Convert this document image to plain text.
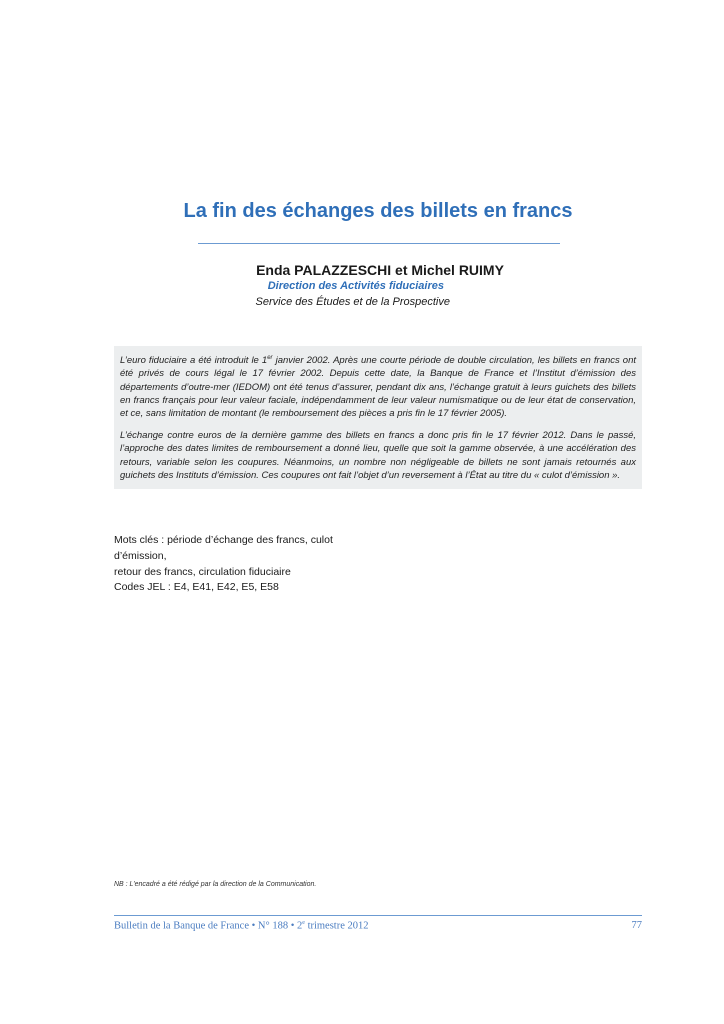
La fin des échanges des billets en francs
Enda PALAZZESCHI et Michel RUIMY
Direction des Activités fiduciaires
Service des Études et de la Prospective

L’euro fiduciaire a été introduit le 1er janvier 2002. Après une courte période de double circulation, les billets en francs ont été privés de cours légal le 17 février 2002. Depuis cette date, la Banque de France et l’Institut d’émission des départements d’outre-mer (IEDOM) ont été tenus d’assurer, pendant dix ans, l’échange gratuit à leurs guichets des billets en francs français pour leur valeur faciale, indépendamment de leur valeur numismatique ou de leur état de conservation, et ce, sans limitation de montant (le remboursement des pièces a pris fin le 17 février 2005).

L’échange contre euros de la dernière gamme des billets en francs a donc pris fin le 17 février 2012. Dans le passé, l’approche des dates limites de remboursement a donné lieu, quelle que soit la gamme observée, à une accélération des retours, variable selon les coupures. Néanmoins, un nombre non négligeable de billets ne sont jamais retournés aux guichets des Instituts d’émission. Ces coupures ont fait l’objet d’un reversement à l’État au titre du « culot d’émission ».

Mots clés : période d’échange des francs, culot d’émission,
retour des francs, circulation fiduciaire
Codes JEL : E4, E41, E42, E5, E58
NB : L’encadré a été rédigé par la direction de la Communication.
Bulletin de la Banque de France • N° 188 • 2e trimestre 2012	77
